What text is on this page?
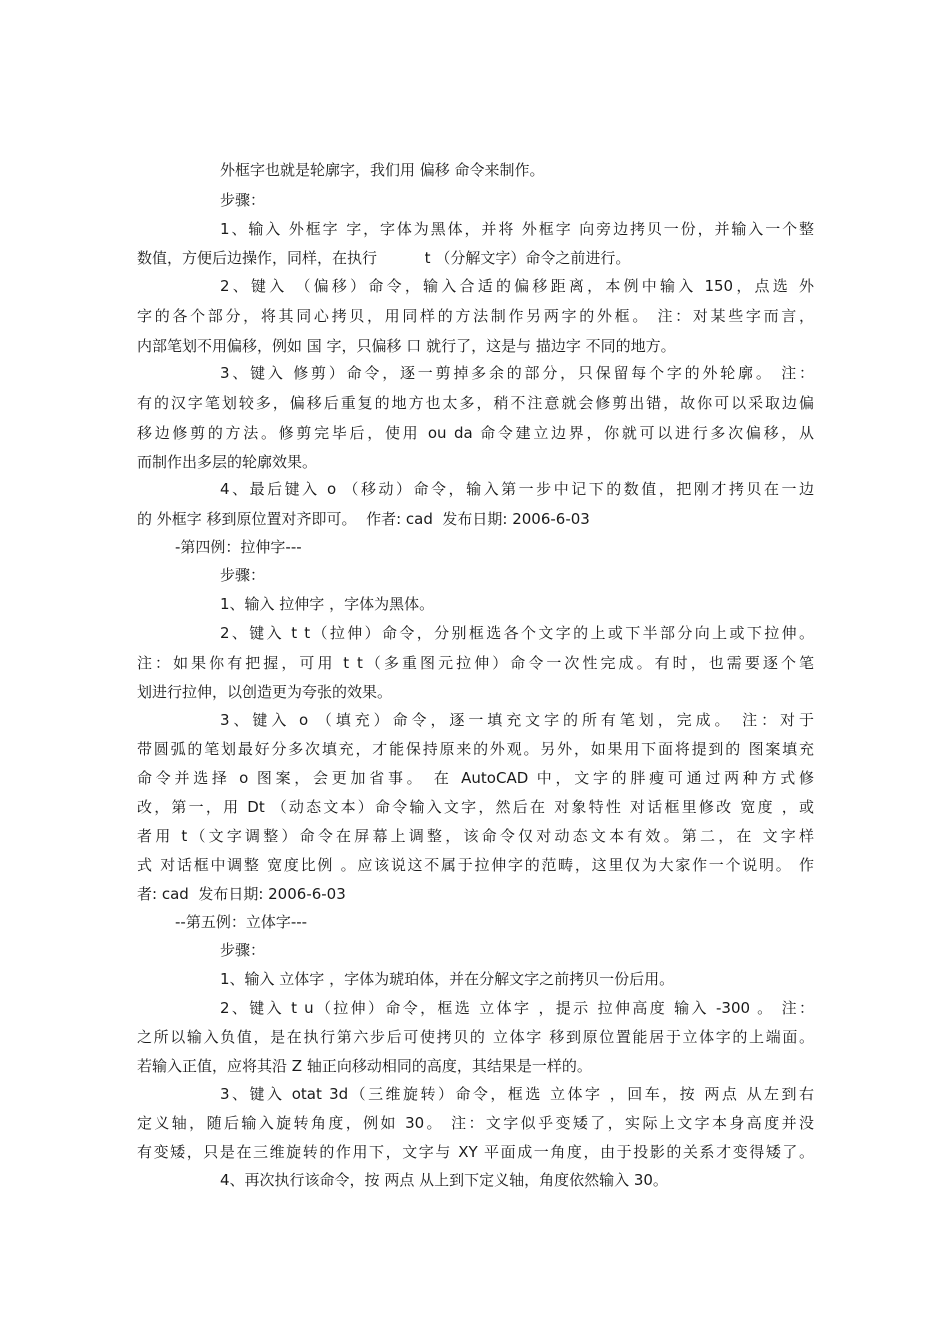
外框字也就是轮廓字，我们用 偏移 命令来制作。
步骤：
1、输入 外框字 字，字体为黑体，并将 外框字 向旁边拷贝一份，并输入一个整
数值，方便后边操作，同样，在执行          t （分解文字）命令之前进行。
2、键入 （偏移）命令，输入合适的偏移距离，本例中输入 150，点选 外
字的各个部分，将其同心拷贝，用同样的方法制作另两字的外框。 注：对某些字而言，
内部笔划不用偏移，例如 国 字，只偏移 口 就行了，这是与 描边字 不同的地方。
3、键入 修剪）命令，逐一剪掉多余的部分，只保留每个字的外轮廓。 注：
有的汉字笔划较多，偏移后重复的地方也太多，稍不注意就会修剪出错，故你可以采取边偏
移边修剪的方法。修剪完毕后，使用 ou da 命令建立边界，你就可以进行多次偏移，从
而制作出多层的轮廓效果。
4、最后键入 o （移动）命令，输入第一步中记下的数值，把刚才拷贝在一边
的 外框字 移到原位置对齐即可。  作者: cad  发布日期: 2006-6-03
-第四例：拉伸字---
步骤：
1、输入 拉伸字 ，字体为黑体。
2、键入 t t（拉伸）命令，分别框选各个文字的上或下半部分向上或下拉伸。
注：如果你有把握，可用 t t（多重图元拉伸）命令一次性完成。有时，也需要逐个笔
划进行拉伸，以创造更为夸张的效果。
3、键入 o （填充）命令，逐一填充文字的所有笔划，完成。 注：对于
带圆弧的笔划最好分多次填充，才能保持原来的外观。另外，如果用下面将提到的 图案填充
命令并选择 o 图案，会更加省事。 在 AutoCAD 中，文字的胖瘦可通过两种方式修
改，第一，用 Dt （动态文本）命令输入文字，然后在 对象特性 对话框里修改 宽度 ，或
者用 t（文字调整）命令在屏幕上调整，该命令仅对动态文本有效。第二，在 文字样
式 对话框中调整 宽度比例 。应该说这不属于拉伸字的范畴，这里仅为大家作一个说明。 作
者: cad  发布日期: 2006-6-03
--第五例：立体字---
步骤：
1、输入 立体字 ，字体为琥珀体，并在分解文字之前拷贝一份后用。
2、键入 t u（拉伸）命令，框选 立体字 ，提示 拉伸高度 输入 -300 。 注：
之所以输入负值，是在执行第六步后可使拷贝的 立体字 移到原位置能居于立体字的上端面。
若输入正值，应将其沿 Z 轴正向移动相同的高度，其结果是一样的。
3、键入 otat 3d（三维旋转）命令，框选 立体字 ，回车，按 两点 从左到右
定义轴，随后输入旋转角度，例如 30。 注：文字似乎变矮了，实际上文字本身高度并没
有变矮，只是在三维旋转的作用下，文字与 XY 平面成一角度，由于投影的关系才变得矮了。
4、再次执行该命令，按 两点 从上到下定义轴，角度依然输入 30。
